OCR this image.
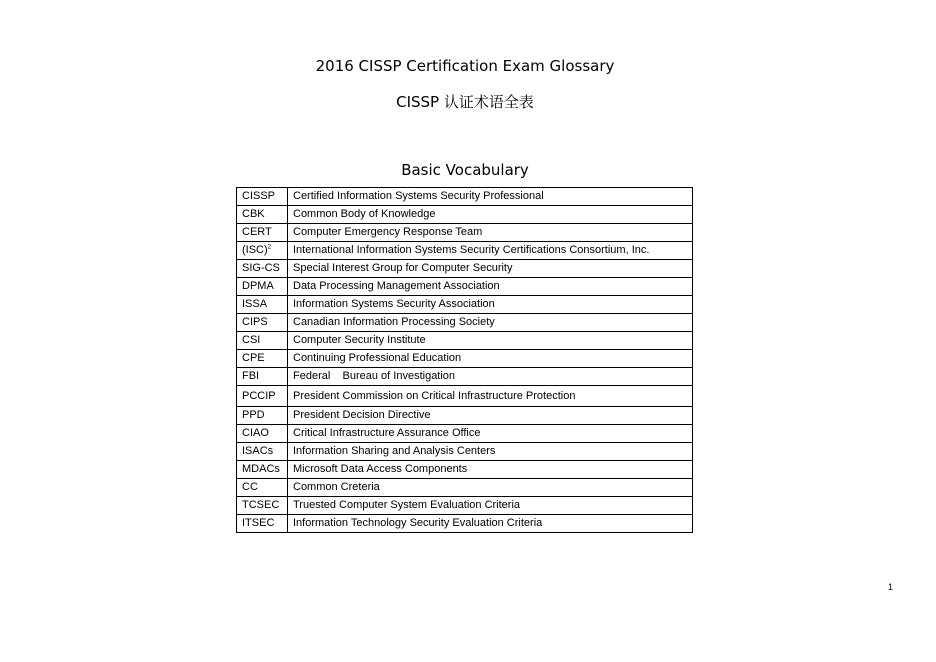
2016 CISSP Certification Exam Glossary
CISSP 认证术语全表
Basic Vocabulary
CISSP	Certified Information Systems Security Professional
CBK	Common Body of Knowledge
CERT	Computer Emergency Response Team
(ISC)$^2$	International Information Systems Security Certifications Consortium, Inc.
SIG-CS	Special Interest Group for Computer Security
DPMA	Data Processing Management Association
ISSA	Information Systems Security Association
CIPS	Canadian Information Processing Society
CSI	Computer Security Institute
CPE	Continuing Professional Education
FBI	Federal    Bureau of Investigation
PCCIP	President Commission on Critical Infrastructure Protection
PPD	President Decision Directive
CIAO	Critical Infrastructure Assurance Office
ISACs	Information Sharing and Analysis Centers
MDACs	Microsoft Data Access Components
CC	Common Creteria
TCSEC	Truested Computer System Evaluation Criteria
ITSEC	Information Technology Security Evaluation Criteria
1
